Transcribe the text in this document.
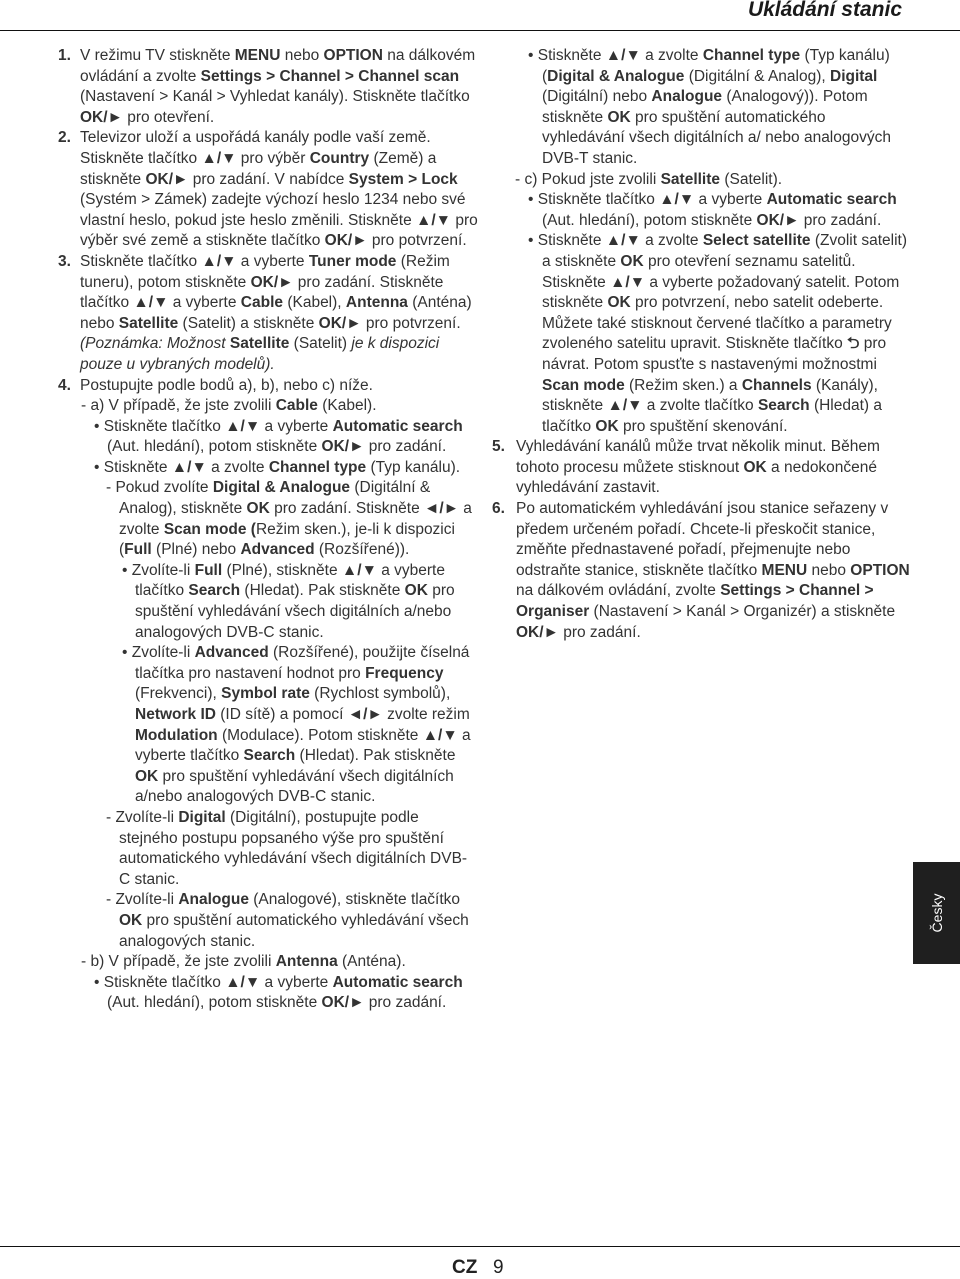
Ukládání stanic

1. V režimu TV stiskněte MENU nebo OPTION na dálkovém ovládání a zvolte Settings > Channel > Channel scan (Nastavení > Kanál > Vyhledat kanály). Stiskněte tlačítko OK/► pro otevření.

2. Televizor uloží a uspořádá kanály podle vaší země. Stiskněte tlačítko ▲/▼ pro výběr Country (Země) a stiskněte OK/► pro zadání. V nabídce System > Lock (Systém > Zámek) zadejte výchozí heslo 1234 nebo své vlastní heslo, pokud jste heslo změnili. Stiskněte ▲/▼ pro výběr své země a stiskněte tlačítko OK/► pro potvrzení.

3. Stiskněte tlačítko ▲/▼ a vyberte Tuner mode (Režim tuneru), potom stiskněte OK/► pro zadání. Stiskněte tlačítko ▲/▼ a vyberte Cable (Kabel), Antenna (Anténa) nebo Satellite (Satelit) a stiskněte OK/► pro potvrzení. (Poznámka: Možnost Satellite (Satelit) je k dispozici pouze u vybraných modelů).

4. Postupujte podle bodů a), b), nebo c) níže.

- a) V případě, že jste zvolili Cable (Kabel).

• Stiskněte tlačítko ▲/▼ a vyberte Automatic search (Aut. hledání), potom stiskněte OK/► pro zadání.

• Stiskněte ▲/▼ a zvolte Channel type (Typ kanálu).

- Pokud zvolíte Digital & Analogue (Digitální & Analog), stiskněte OK pro zadání. Stiskněte ◄/► a zvolte Scan mode (Režim sken.), je-li k dispozici (Full (Plné) nebo Advanced (Rozšířené)).

• Zvolíte-li Full (Plné), stiskněte ▲/▼ a vyberte tlačítko Search (Hledat). Pak stiskněte OK pro spuštění vyhledávání všech digitálních a/nebo analogových DVB-C stanic.

• Zvolíte-li Advanced (Rozšířené), použijte číselná tlačítka pro nastavení hodnot pro Frequency (Frekvenci), Symbol rate (Rychlost symbolů), Network ID (ID sítě) a pomocí ◄/► zvolte režim Modulation (Modulace). Potom stiskněte ▲/▼ a vyberte tlačítko Search (Hledat). Pak stiskněte OK pro spuštění vyhledávání všech digitálních a/nebo analogových DVB-C stanic.

- Zvolíte-li Digital (Digitální), postupujte podle stejného postupu popsaného výše pro spuštění automatického vyhledávání všech digitálních DVB-C stanic.

- Zvolíte-li Analogue (Analogové), stiskněte tlačítko OK pro spuštění automatického vyhledávání všech analogových stanic.

- b) V případě, že jste zvolili Antenna (Anténa).

• Stiskněte tlačítko ▲/▼ a vyberte Automatic search (Aut. hledání), potom stiskněte OK/► pro zadání.

• Stiskněte ▲/▼ a zvolte Channel type (Typ kanálu) (Digital & Analogue (Digitální & Analog), Digital (Digitální) nebo Analogue (Analogový)). Potom stiskněte OK pro spuštění automatického vyhledávání všech digitálních a/ nebo analogových DVB-T stanic.

- c) Pokud jste zvolili Satellite (Satelit).

• Stiskněte tlačítko ▲/▼ a vyberte Automatic search (Aut. hledání), potom stiskněte OK/► pro zadání.

• Stiskněte ▲/▼ a zvolte Select satellite (Zvolit satelit) a stiskněte OK pro otevření seznamu satelitů. Stiskněte ▲/▼ a vyberte požadovaný satelit. Potom stiskněte OK pro potvrzení, nebo satelit odeberte. Můžete také stisknout červené tlačítko a parametry zvoleného satelitu upravit. Stiskněte tlačítko ⮌ pro návrat. Potom spusťte s nastavenými možnostmi Scan mode (Režim sken.) a Channels (Kanály), stiskněte ▲/▼ a zvolte tlačítko Search (Hledat) a tlačítko OK pro spuštění skenování.

5. Vyhledávání kanálů může trvat několik minut. Během tohoto procesu můžete stisknout OK a nedokončené vyhledávání zastavit.

6. Po automatickém vyhledávání jsou stanice seřazeny v předem určeném pořadí. Chcete-li přeskočit stanice, změňte přednastavené pořadí, přejmenujte nebo odstraňte stanice, stiskněte tlačítko MENU nebo OPTION na dálkovém ovládání, zvolte Settings > Channel > Organiser (Nastavení > Kanál > Organizér) a stiskněte OK/► pro zadání.

Česky
CZ 9
